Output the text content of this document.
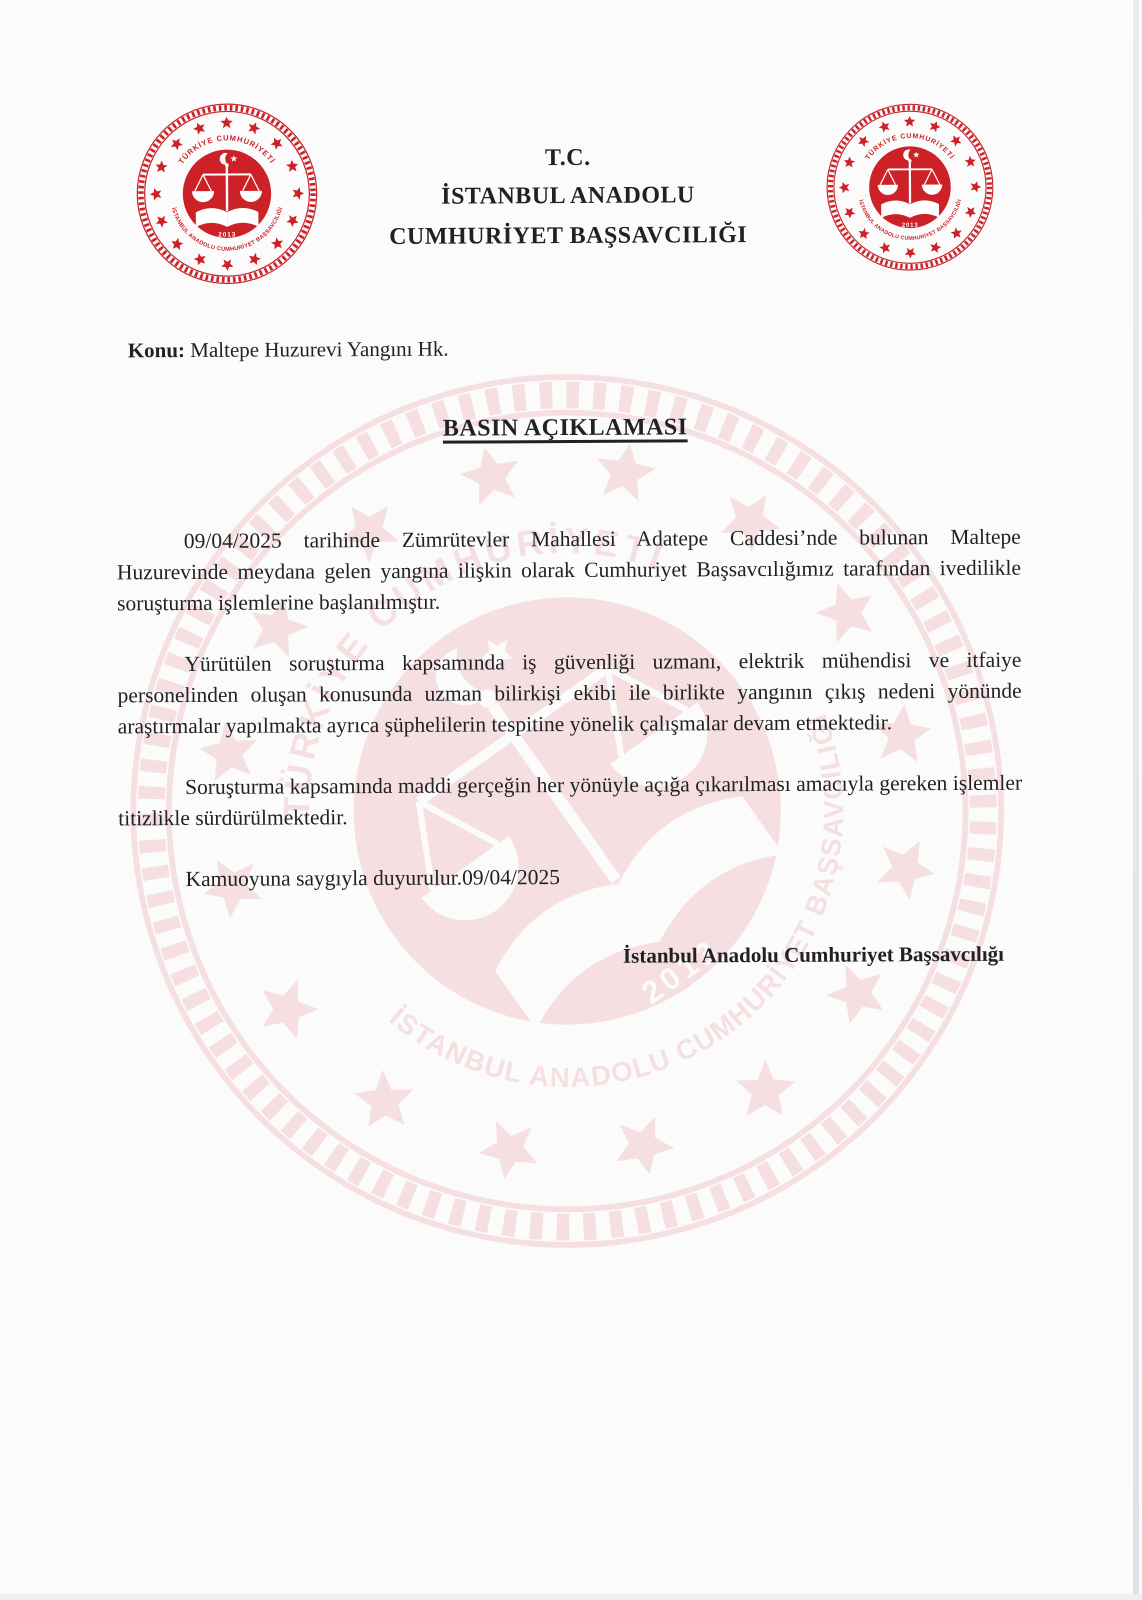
T.C.
İSTANBUL ANADOLU
CUMHURİYET BAŞSAVCILIĞI
Konu: Maltepe Huzurevi Yangını Hk.
BASIN AÇIKLAMASI

09/04/2025 tarihinde Zümrütevler Mahallesi Adatepe Caddesi’nde bulunan Maltepe Huzurevinde meydana gelen yangına ilişkin olarak Cumhuriyet Başsavcılığımız tarafından ivedilikle soruşturma işlemlerine başlanılmıştır.

Yürütülen soruşturma kapsamında iş güvenliği uzmanı, elektrik mühendisi ve itfaiye personelinden oluşan konusunda uzman bilirkişi ekibi ile birlikte yangının çıkış nedeni yönünde araştırmalar yapılmakta ayrıca şüphelilerin tespitine yönelik çalışmalar devam etmektedir.

Soruşturma kapsamında maddi gerçeğin her yönüyle açığa çıkarılması amacıyla gereken işlemler titizlikle sürdürülmektedir.

Kamuoyuna saygıyla duyurulur.09/04/2025

İstanbul Anadolu Cumhuriyet Başsavcılığı
